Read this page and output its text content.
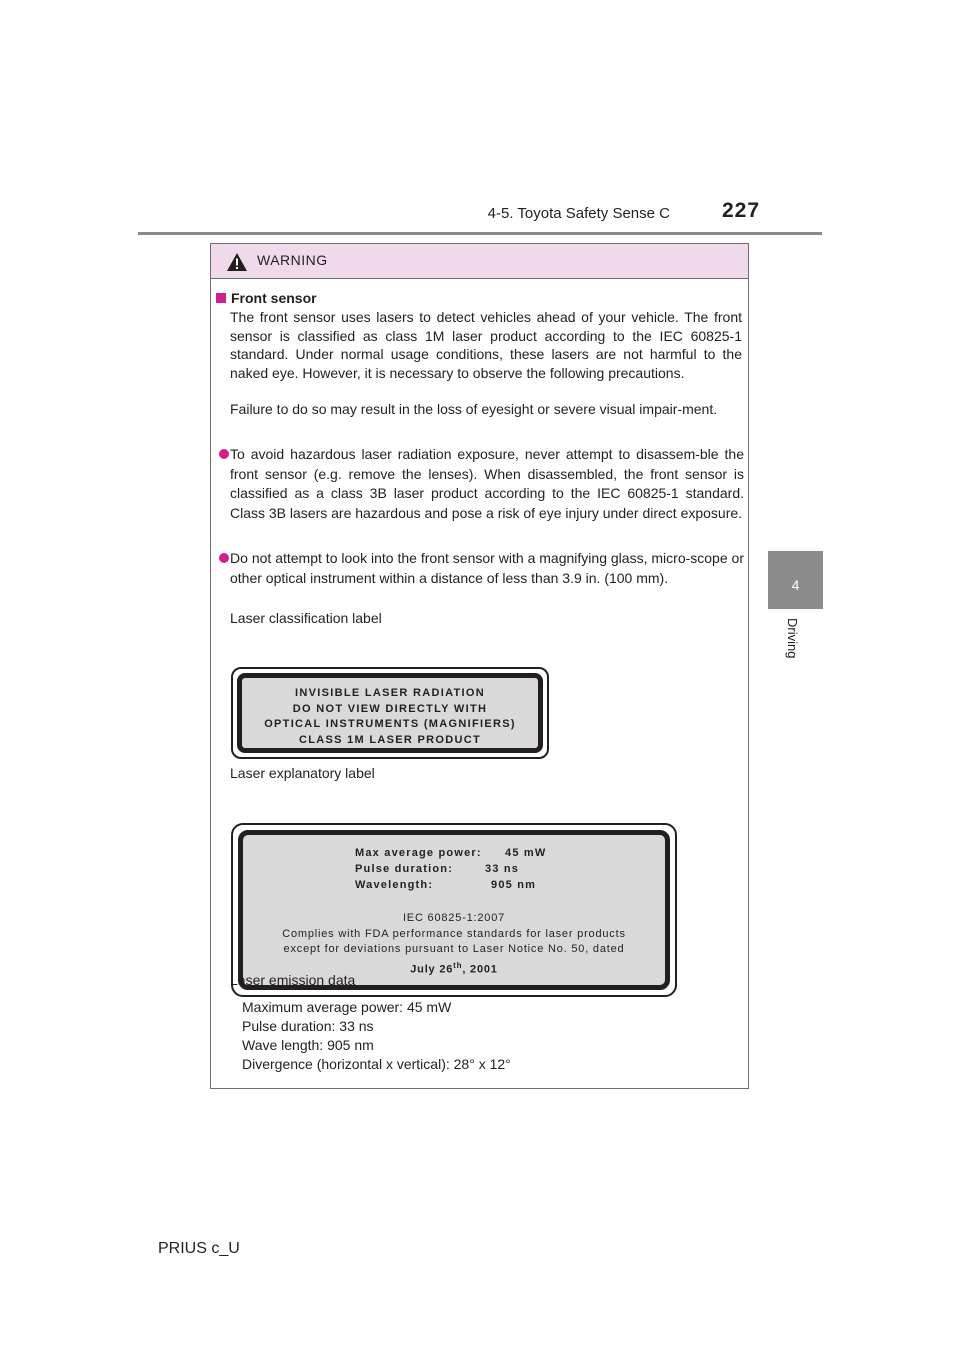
227
4-5. Toyota Safety Sense C
4
Driving
WARNING
Front sensor
The front sensor uses lasers to detect vehicles ahead of your vehicle. The front sensor is classified as class 1M laser product according to the IEC 60825-1 standard. Under normal usage conditions, these lasers are not harmful to the naked eye. However, it is necessary to observe the following precautions.
Failure to do so may result in the loss of eyesight or severe visual impair-ment.
To avoid hazardous laser radiation exposure, never attempt to disassem-ble the front sensor (e.g. remove the lenses). When disassembled, the front sensor is classified as a class 3B laser product according to the IEC 60825-1 standard. Class 3B lasers are hazardous and pose a risk of eye injury under direct exposure.
Do not attempt to look into the front sensor with a magnifying glass, micro-scope or other optical instrument within a distance of less than 3.9 in. (100 mm).
Laser classification label
INVISIBLE LASER RADIATION
DO NOT VIEW DIRECTLY WITH
OPTICAL INSTRUMENTS (MAGNIFIERS)
CLASS 1M LASER PRODUCT
Laser explanatory label
Max average power: 45 mW
Pulse duration:	33 ns
Wavelength:	905 nm
IEC 60825-1:2007
Complies with FDA performance standards for laser products
except for deviations pursuant to Laser Notice No. 50, dated
July 26th, 2001
Laser emission data
Maximum average power: 45 mW
Pulse duration: 33 ns
Wave length: 905 nm
Divergence (horizontal x vertical): 28° x 12°
PRIUS c_U
